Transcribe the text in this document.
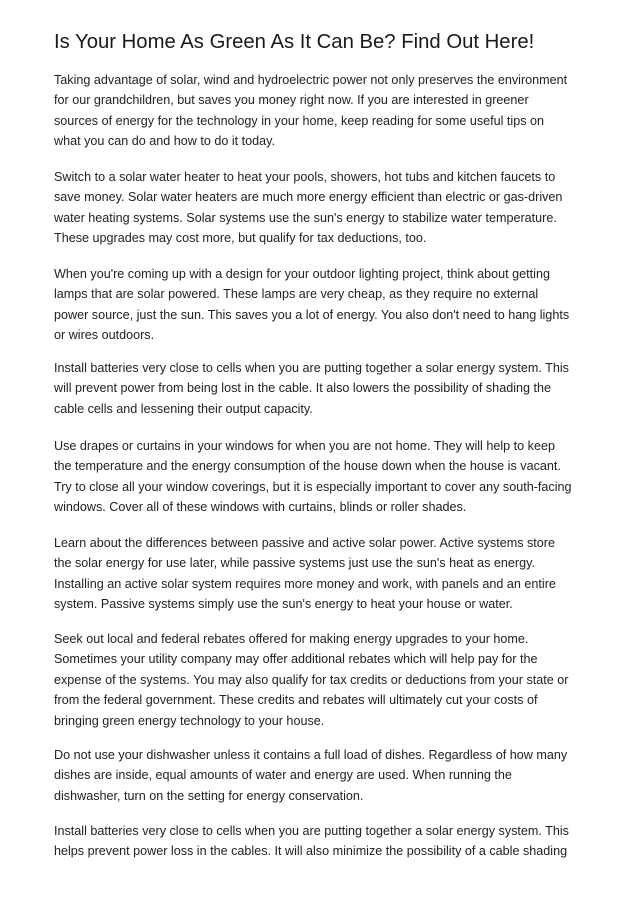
Is Your Home As Green As It Can Be? Find Out Here!

Taking advantage of solar, wind and hydroelectric power not only preserves the environment
for our grandchildren, but saves you money right now. If you are interested in greener
sources of energy for the technology in your home, keep reading for some useful tips on
what you can do and how to do it today.

Switch to a solar water heater to heat your pools, showers, hot tubs and kitchen faucets to
save money. Solar water heaters are much more energy efficient than electric or gas-driven
water heating systems. Solar systems use the sun's energy to stabilize water temperature.
These upgrades may cost more, but qualify for tax deductions, too.

When you're coming up with a design for your outdoor lighting project, think about getting
lamps that are solar powered. These lamps are very cheap, as they require no external
power source, just the sun. This saves you a lot of energy. You also don't need to hang lights
or wires outdoors.

Install batteries very close to cells when you are putting together a solar energy system. This
will prevent power from being lost in the cable. It also lowers the possibility of shading the
cable cells and lessening their output capacity.

Use drapes or curtains in your windows for when you are not home. They will help to keep
the temperature and the energy consumption of the house down when the house is vacant.
Try to close all your window coverings, but it is especially important to cover any south-facing
windows. Cover all of these windows with curtains, blinds or roller shades.

Learn about the differences between passive and active solar power. Active systems store
the solar energy for use later, while passive systems just use the sun's heat as energy.
Installing an active solar system requires more money and work, with panels and an entire
system. Passive systems simply use the sun's energy to heat your house or water.

Seek out local and federal rebates offered for making energy upgrades to your home.
Sometimes your utility company may offer additional rebates which will help pay for the
expense of the systems. You may also qualify for tax credits or deductions from your state or
from the federal government. These credits and rebates will ultimately cut your costs of
bringing green energy technology to your house.

Do not use your dishwasher unless it contains a full load of dishes. Regardless of how many
dishes are inside, equal amounts of water and energy are used. When running the
dishwasher, turn on the setting for energy conservation.

Install batteries very close to cells when you are putting together a solar energy system. This
helps prevent power loss in the cables. It will also minimize the possibility of a cable shading
